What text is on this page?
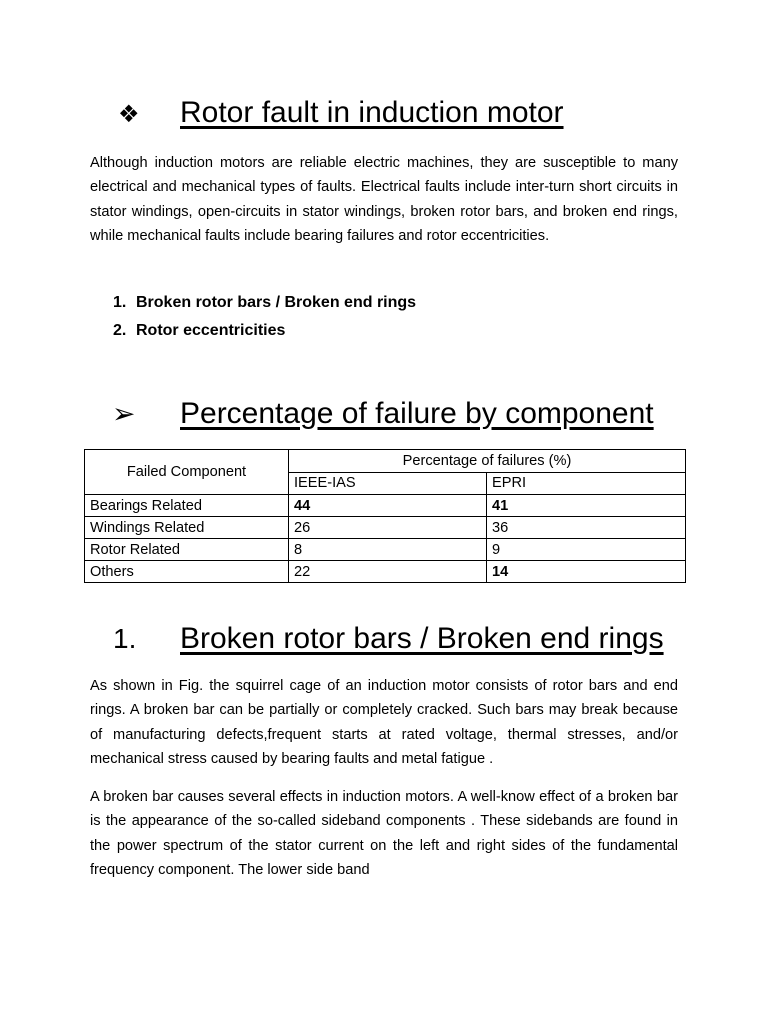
❖	Rotor fault in induction motor

Although induction motors are reliable electric machines, they are susceptible to many electrical and mechanical types of faults. Electrical faults include inter-turn short circuits in stator windings, open-circuits in stator windings, broken rotor bars, and broken end rings, while mechanical faults include bearing failures and rotor eccentricities.

1. Broken rotor bars / Broken end rings
2. Rotor eccentricities
➢	Percentage of failure by component
Failed Component	Percentage of failures (%)	
	IEEE-IAS	EPRI
Bearings Related	44	41
Windings Related	26	36
Rotor Related	8	9
Others	22	14
1.	Broken rotor bars / Broken end rings

As shown in Fig. the squirrel cage of an induction motor consists of rotor bars and end rings. A broken bar can be partially or completely cracked. Such bars may break because of manufacturing defects,frequent starts at rated voltage, thermal stresses, and/or mechanical stress caused by bearing faults and metal fatigue .

A broken bar causes several effects in induction motors. A well-know effect of a broken bar is the appearance of the so-called sideband components . These sidebands are found in the power spectrum of the stator current on the left and right sides of the fundamental frequency component. The lower side band
